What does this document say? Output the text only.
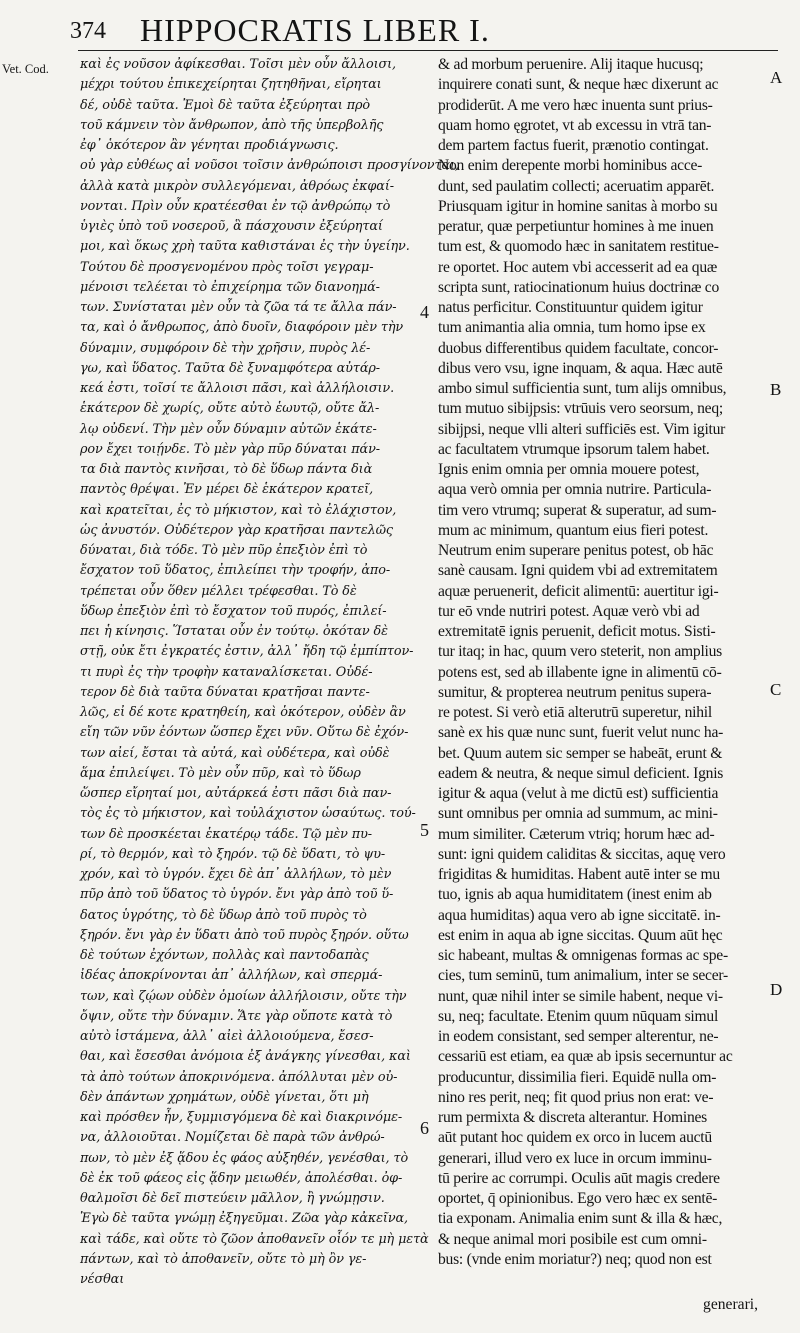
374 HIPPOCRATIS LIBER I.
Vet. Cod. καὶ ἐς νοῦσον ἀφίκεσθαι. Τοῖσι μὲν οὖν ἄλλοισι,
μέχρι τούτου ἐπικεχείρηται ζητηθῆναι, εἴρηται
δέ, οὐδὲ ταῦτα. Ἐμοὶ δὲ ταῦτα ἐξεύρηται πρὸ
τοῦ κάμνειν τὸν ἄνθρωπον, ἀπὸ τῆς ὑπερβολῆς
ἐφ᾽ ὁκότερον ἂν γένηται προδιάγνωσις.
οὐ γὰρ εὐθέως αἱ νοῦσοι τοῖσιν ἀνθρώποισι προσγίνονται,
ἀλλὰ κατὰ μικρὸν συλλεγόμεναι, ἀθρόως ἐκφαί-
νονται. Πρὶν οὖν κρατέεσθαι ἐν τῷ ἀνθρώπῳ τὸ
ὑγιὲς ὑπὸ τοῦ νοσεροῦ, ἃ πάσχουσιν ἐξεύρηταί
μοι, καὶ ὅκως χρὴ ταῦτα καθιστάναι ἐς τὴν ὑγείην.
Τούτου δὲ προσγενομένου πρὸς τοῖσι γεγραμ-
μένοισι τελέεται τὸ ἐπιχείρημα τῶν διανοημά-
των. Συνίσταται μὲν οὖν τὰ ζῶα τά τε ἄλλα πάν-
τα, καὶ ὁ ἄνθρωπος, ἀπὸ δυοῖν, διαφόροιν μὲν τὴν
δύναμιν, συμφόροιν δὲ τὴν χρῆσιν, πυρὸς λέ-
γω, καὶ ὕδατος. Ταῦτα δὲ ξυναμφότερα αὐτάρ-
κεά ἐστι, τοῖσί τε ἄλλοισι πᾶσι, καὶ ἀλλήλοισιν.
ἑκάτερον δὲ χωρίς, οὔτε αὐτὸ ἑωυτῷ, οὔτε ἄλ-
λῳ οὐδενί. Τὴν μὲν οὖν δύναμιν αὐτῶν ἑκάτε-
ρον ἔχει τοιῄνδε. Τὸ μὲν γὰρ πῦρ δύναται πάν-
τα διὰ παντὸς κινῆσαι, τὸ δὲ ὕδωρ πάντα διὰ
παντὸς θρέψαι. Ἐν μέρει δὲ ἑκάτερον κρατεῖ,
καὶ κρατεῖται, ἐς τὸ μήκιστον, καὶ τὸ ἐλάχιστον,
ὡς ἀνυστόν. Οὐδέτερον γὰρ κρατῆσαι παντελῶς
δύναται, διὰ τόδε. Τὸ μὲν πῦρ ἐπεξιὸν ἐπὶ τὸ
ἔσχατον τοῦ ὕδατος, ἐπιλείπει τὴν τροφήν, ἀπο-
τρέπεται οὖν ὅθεν μέλλει τρέφεσθαι. Τὸ δὲ
ὕδωρ ἐπεξιὸν ἐπὶ τὸ ἔσχατον τοῦ πυρός, ἐπιλεί-
πει ἡ κίνησις. Ἵσταται οὖν ἐν τούτῳ. ὁκόταν δὲ
στῇ, οὐκ ἔτι ἐγκρατές ἐστιν, ἀλλ᾽ ἤδη τῷ ἐμπίπτον-
τι πυρὶ ἐς τὴν τροφὴν καταναλίσκεται. Οὐδέ-
τερον δὲ διὰ ταῦτα δύναται κρατῆσαι παντε-
λῶς, εἰ δέ κοτε κρατηθείη, καὶ ὁκότερον, οὐδὲν ἂν
εἴη τῶν νῦν ἐόντων ὥσπερ ἔχει νῦν. Οὕτω δὲ ἐχόν-
των αἰεί, ἔσται τὰ αὐτά, καὶ οὐδέτερα, καὶ οὐδὲ
ἅμα ἐπιλείψει. Τὸ μὲν οὖν πῦρ, καὶ τὸ ὕδωρ
ὥσπερ εἴρηταί μοι, αὐτάρκεά ἐστι πᾶσι διὰ παν-
τὸς ἐς τὸ μήκιστον, καὶ τοὐλάχιστον ὡσαύτως. τού-
των δὲ προσκέεται ἑκατέρῳ τάδε. Τῷ μὲν πυ-
ρί, τὸ θερμόν, καὶ τὸ ξηρόν. τῷ δὲ ὕδατι, τὸ ψυ-
χρόν, καὶ τὸ ὑγρόν. ἔχει δὲ ἀπ᾽ ἀλλήλων, τὸ μὲν
πῦρ ἀπὸ τοῦ ὕδατος τὸ ὑγρόν. ἔνι γὰρ ἀπὸ τοῦ ὕ-
δατος ὑγρότης, τὸ δὲ ὕδωρ ἀπὸ τοῦ πυρὸς τὸ
ξηρόν. ἔνι γὰρ ἐν ὕδατι ἀπὸ τοῦ πυρὸς ξηρόν. οὕτω
δὲ τούτων ἐχόντων, πολλὰς καὶ παντοδαπὰς
ἰδέας ἀποκρίνονται ἀπ᾽ ἀλλήλων, καὶ σπερμά-
των, καὶ ζῴων οὐδὲν ὁμοίων ἀλλήλοισιν, οὔτε τὴν
ὄψιν, οὔτε τὴν δύναμιν. Ἅτε γὰρ οὔποτε κατὰ τὸ
αὐτὸ ἱστάμενα, ἀλλ᾽ αἰεὶ ἀλλοιούμενα, ἔσεσ-
θαι, καὶ ἔσεσθαι ἀνόμοια ἐξ ἀνάγκης γίνεσθαι, καὶ
τὰ ἀπὸ τούτων ἀποκρινόμενα. ἀπόλλυται μὲν οὐ-
δὲν ἁπάντων χρημάτων, οὐδὲ γίνεται, ὅτι μὴ
καὶ πρόσθεν ἦν, ξυμμισγόμενα δὲ καὶ διακρινόμε-
να, ἀλλοιοῦται. Νομίζεται δὲ παρὰ τῶν ἀνθρώ-
πων, τὸ μὲν ἐξ ᾅδου ἐς φάος αὐξηθέν, γενέσθαι, τὸ
δὲ ἐκ τοῦ φάεος εἰς ᾅδην μειωθέν, ἀπολέσθαι. ὀφ-
θαλμοῖσι δὲ δεῖ πιστεύειν μᾶλλον, ἢ γνώμῃσιν.
Ἐγὼ δὲ ταῦτα γνώμῃ ἐξηγεῦμαι. Ζῶα γὰρ κἀκεῖνα,
καὶ τάδε, καὶ οὔτε τὸ ζῶον ἀποθανεῖν οἷόν τε μὴ μετὰ
πάντων, καὶ τὸ ἀποθανεῖν, οὔτε τὸ μὴ ὂν γε-
νέσθαι
& ad morbum peruenire. Alij itaque hucusq;
inquirere conati sunt, & neque hæc dixerunt ac
prodiderūt. A me vero hæc inuenta sunt prius-
quam homo ęgrotet, vt ab excessu in vtrā tan-
dem partem factus fuerit, prænotio contingat.
Non enim derepente morbi hominibus acce-
dunt, sed paulatim collecti; aceruatim apparēt.
Priusquam igitur in homine sanitas à morbo su
peratur, quæ perpetiuntur homines à me inuen
tum est, & quomodo hæc in sanitatem restitue-
re oportet. Hoc autem vbi accesserit ad ea quæ
scripta sunt, ratiocinationum huius doctrinæ co
natus perficitur. Constituuntur quidem igitur
tum animantia alia omnia, tum homo ipse ex
duobus differentibus quidem facultate, concor-
dibus vero vsu, igne inquam, & aqua. Hæc autē
ambo simul sufficientia sunt, tum alijs omnibus,
tum mutuo sibijpsis: vtrūuis vero seorsum, neq;
sibijpsi, neque vlli alteri sufficiēs est. Vim igitur
ac facultatem vtrumque ipsorum talem habet.
Ignis enim omnia per omnia mouere potest,
aqua verò omnia per omnia nutrire. Particula-
tim vero vtrumq; superat & superatur, ad sum-
mum ac minimum, quantum eius fieri potest.
Neutrum enim superare penitus potest, ob hāc
sanè causam. Igni quidem vbi ad extremitatem
aquæ peruenerit, deficit alimentū: auertitur igi-
tur eō vnde nutriri potest. Aquæ verò vbi ad
extremitatē ignis peruenit, deficit motus. Sisti-
tur itaq; in hac, quum vero steterit, non amplius
potens est, sed ab illabente igne in alimentū cō-
sumitur, & propterea neutrum penitus supera-
re potest. Si verò etiā alterutrū superetur, nihil
sanè ex his quæ nunc sunt, fuerit velut nunc ha-
bet. Quum autem sic semper se habeāt, erunt &
eadem & neutra, & neque simul deficient. Ignis
igitur & aqua (velut à me dictū est) sufficientia
sunt omnibus per omnia ad summum, ac mini-
mum similiter. Cæterum vtriq; horum hæc ad-
sunt: igni quidem caliditas & siccitas, aquę vero
frigiditas & humiditas. Habent autē inter se mu
tuo, ignis ab aqua humiditatem (inest enim ab
aqua humiditas) aqua vero ab igne siccitatē. in-
est enim in aqua ab igne siccitas. Quum aūt hęc
sic habeant, multas & omnigenas formas ac spe-
cies, tum seminū, tum animalium, inter se secer-
nunt, quæ nihil inter se simile habent, neque vi-
su, neq; facultate. Etenim quum nūquam simul
in eodem consistant, sed semper alterentur, ne-
cessariū est etiam, ea quæ ab ipsis secernuntur ac
producuntur, dissimilia fieri. Equidē nulla om-
nino res perit, neq; fit quod prius non erat: ve-
rum permixta & discreta alterantur. Homines
aūt putant hoc quidem ex orco in lucem auctū
generari, illud vero ex luce in orcum imminu-
tū perire ac corrumpi. Oculis aūt magis credere
oportet, q̄ opinionibus. Ego vero hæc ex sentē-
tia exponam. Animalia enim sunt & illa & hæc,
& neque animal mori posibile est cum omni-
bus: (vnde enim moriatur?) neq; quod non est
4
5
6
A
B
C
D
generari,
